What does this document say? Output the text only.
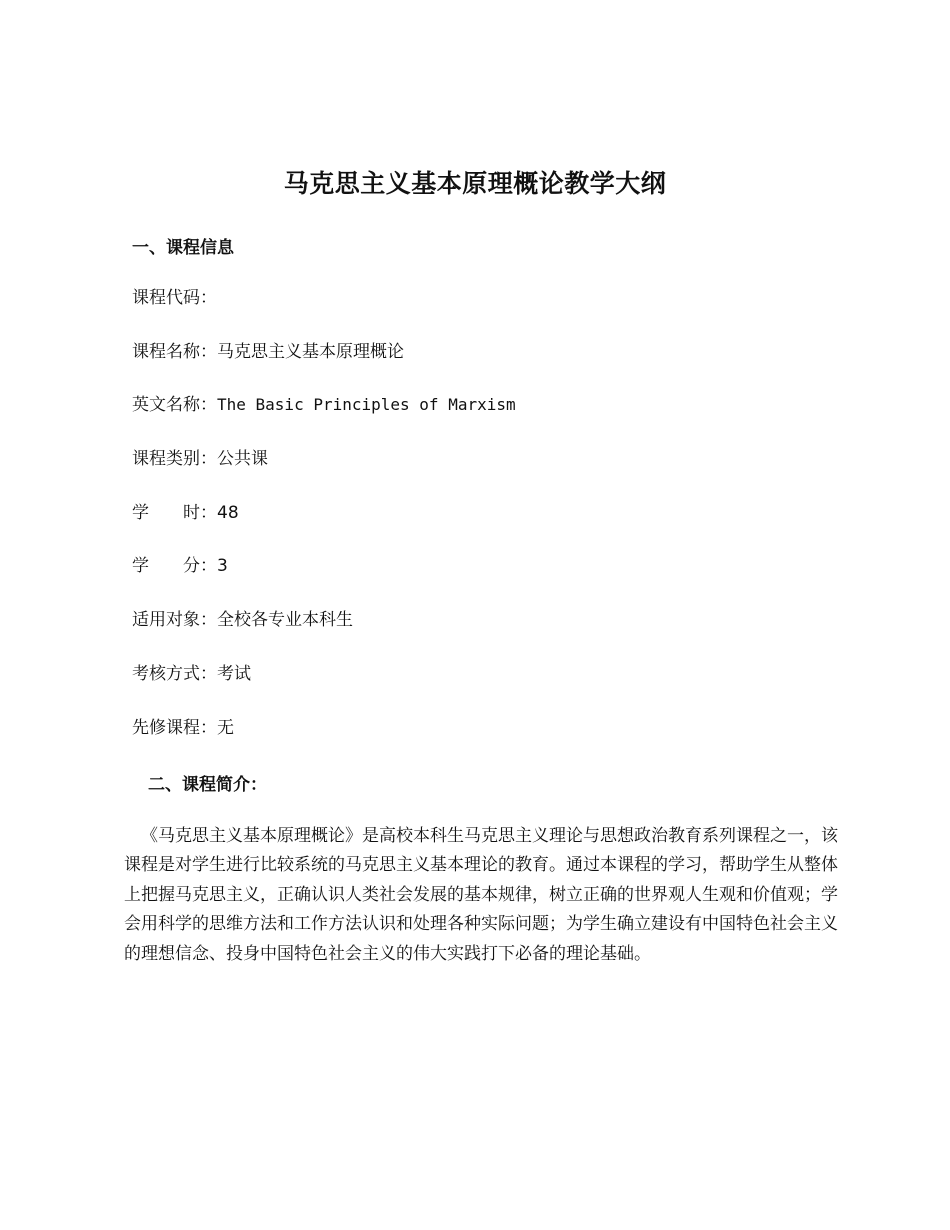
马克思主义基本原理概论教学大纲
一、课程信息
课程代码：
课程名称：马克思主义基本原理概论
英文名称：The Basic Principles of Marxism
课程类别：公共课
学　　时：48
学　　分：3
适用对象：全校各专业本科生
考核方式：考试
先修课程：无
二、课程简介：

《马克思主义基本原理概论》是高校本科生马克思主义理论与思想政治教育系列课程之一，该课程是对学生进行比较系统的马克思主义基本理论的教育。通过本课程的学习，帮助学生从整体上把握马克思主义，正确认识人类社会发展的基本规律，树立正确的世界观人生观和价值观；学会用科学的思维方法和工作方法认识和处理各种实际问题；为学生确立建设有中国特色社会主义的理想信念、投身中国特色社会主义的伟大实践打下必备的理论基础。
